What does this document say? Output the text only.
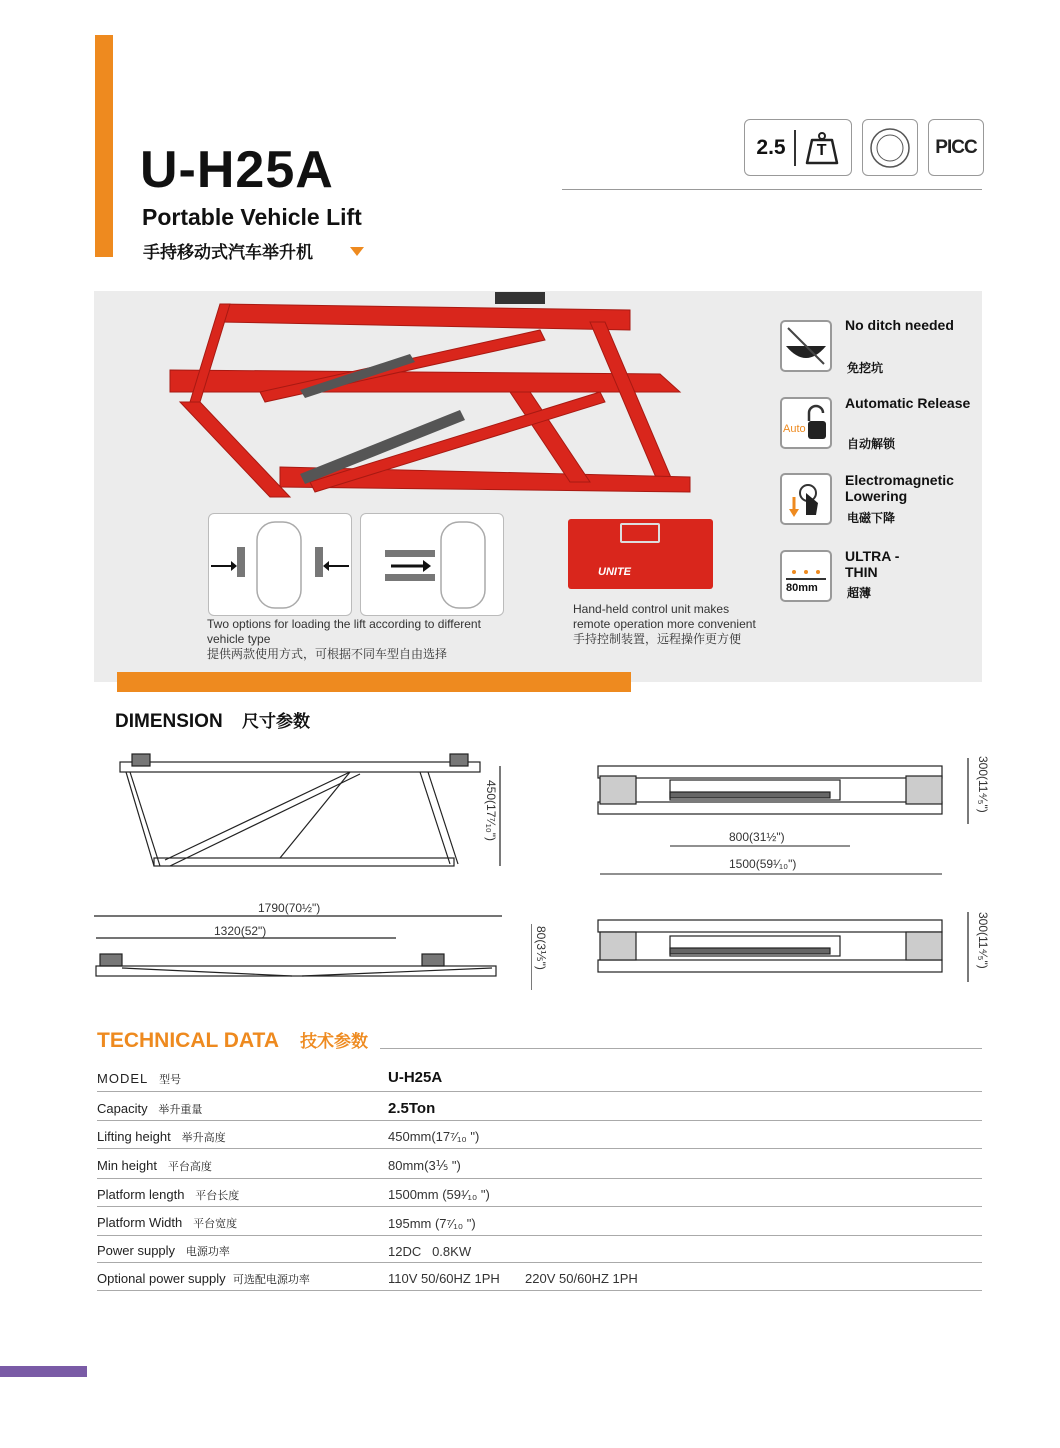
U-H25A
Portable Vehicle Lift
手持移动式汽车举升机
2.5	T	PICC
Two options for loading the lift according to different vehicle type
提供两款使用方式，可根据不同车型自由选择
UNITE
Hand-held control unit makes remote operation more convenient
手持控制装置，远程操作更方便
No ditch needed
免挖坑
Auto
Automatic Release
自动解锁
Electromagnetic Lowering
电磁下降
80mm
ULTRA -THIN
超薄
DIMENSION 尺寸参数
450(17⁷⁄₁₀")	300(11⁴⁄₅")
800(31½")
1500(59¹⁄₁₀")
1790(70½")
1320(52")	80(3⅕")	300(11⁴⁄₅")
TECHNICAL DATA 技术参数
MODEL 型号	U-H25A
Capacity 举升重量	2.5Ton
Lifting height 举升高度	450mm(17⁷⁄₁₀ ")
Min height 平台高度	80mm(3⅕ ")
Platform length 平台长度	1500mm (59¹⁄₁₀ ")
Platform Width 平台宽度	195mm (7⁷⁄₁₀ ")
Power supply 电源功率	12DC   0.8KW
Optional power supply 可选配电源功率	110V 50/60HZ 1PH       220V 50/60HZ 1PH
